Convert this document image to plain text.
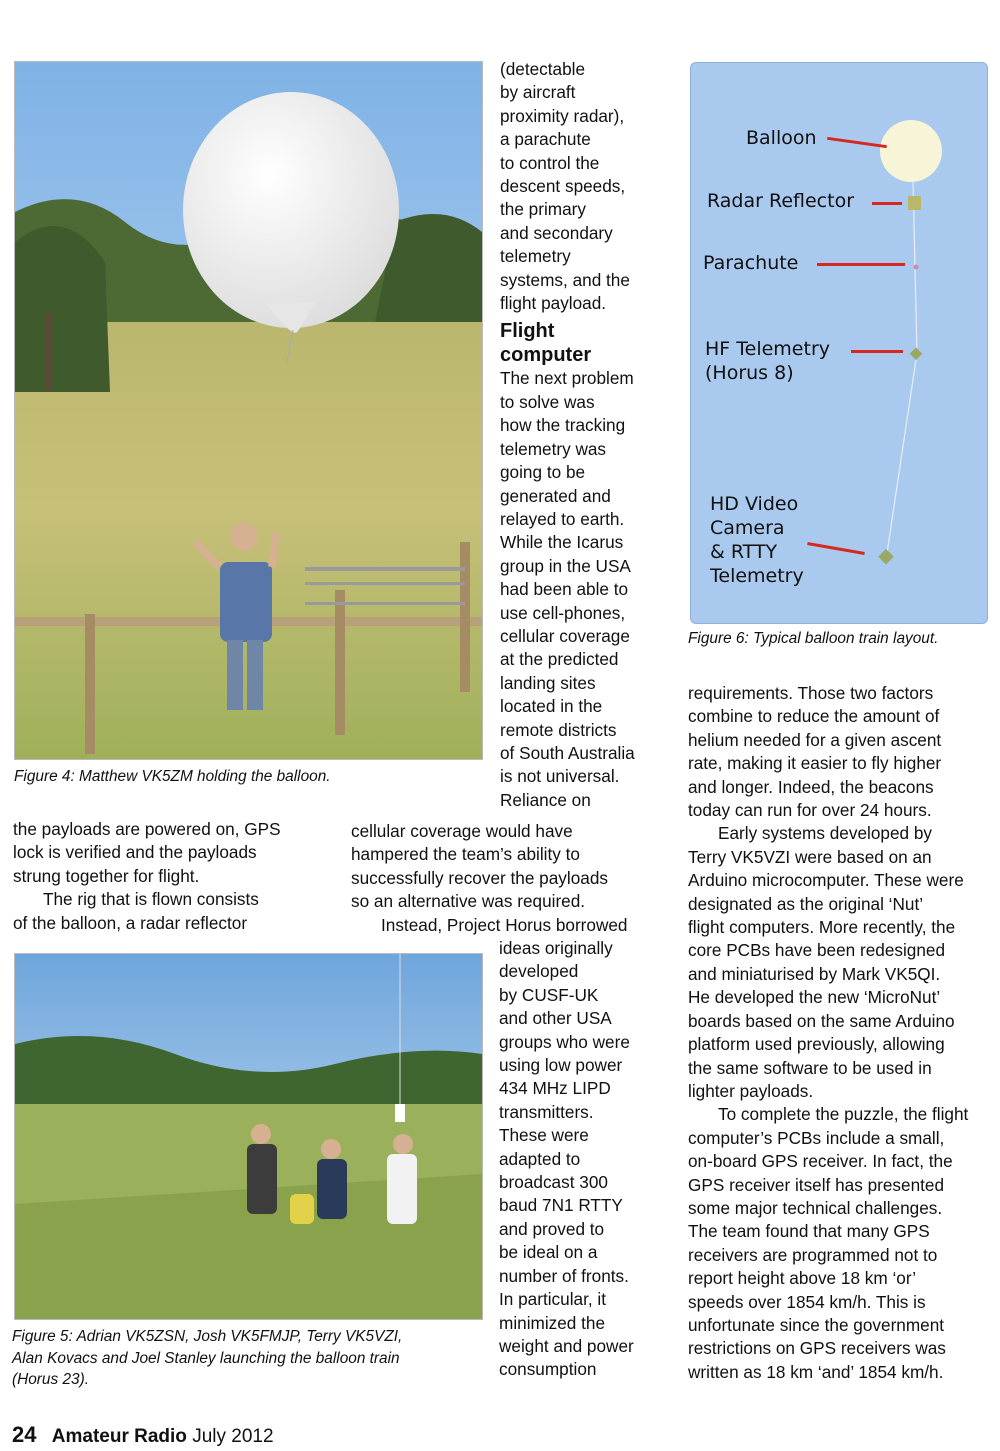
Figure 4: Matthew VK5ZM holding the balloon.
Figure 5: Adrian VK5ZSN, Josh VK5FMJP, Terry VK5VZI,
Alan Kovacs and Joel Stanley launching the balloon train
(Horus 23).
Balloon
Radar Reflector
Parachute
HF Telemetry
(Horus 8)
HD Video
Camera
& RTTY
Telemetry
Figure 6: Typical balloon train layout.

(detectable

by aircraft

proximity radar),

a parachute

to control the

descent speeds,

the primary

and secondary

telemetry

systems, and the

flight payload.

Flight
computer

The next problem

to solve was

how the tracking

telemetry was

going to be

generated and

relayed to earth.

While the Icarus

group in the USA

had been able to

use cell-phones,

cellular coverage

at the predicted

landing sites

located in the

remote districts

of South Australia

is not universal.

Reliance on

the payloads are powered on, GPS

lock is verified and the payloads

strung together for flight.

The rig that is flown consists

of the balloon, a radar reflector

cellular coverage would have

hampered the team’s ability to

successfully recover the payloads

so an alternative was required.

Instead, Project Horus borrowed

ideas originally

developed

by CUSF-UK

and other USA

groups who were

using low power

434 MHz LIPD

transmitters.

These were

adapted to

broadcast 300

baud 7N1 RTTY

and proved to

be ideal on a

number of fronts.

In particular, it

minimized the

weight and power

consumption

requirements. Those two factors

combine to reduce the amount of

helium needed for a given ascent

rate, making it easier to fly higher

and longer. Indeed, the beacons

today can run for over 24 hours.

Early systems developed by

Terry VK5VZI were based on an

Arduino microcomputer. These were

designated as the original ‘Nut’

flight computers. More recently, the

core PCBs have been redesigned

and miniaturised by Mark VK5QI.

He developed the new ‘MicroNut’

boards based on the same Arduino

platform used previously, allowing

the same software to be used in

lighter payloads.

To complete the puzzle, the flight

computer’s PCBs include a small,

on-board GPS receiver. In fact, the

GPS receiver itself has presented

some major technical challenges.

The team found that many GPS

receivers are programmed not to

report height above 18 km ‘or’

speeds over 1854 km/h. This is

unfortunate since the government

restrictions on GPS receivers was

written as 18 km ‘and’ 1854 km/h.

24 Amateur Radio July 2012
